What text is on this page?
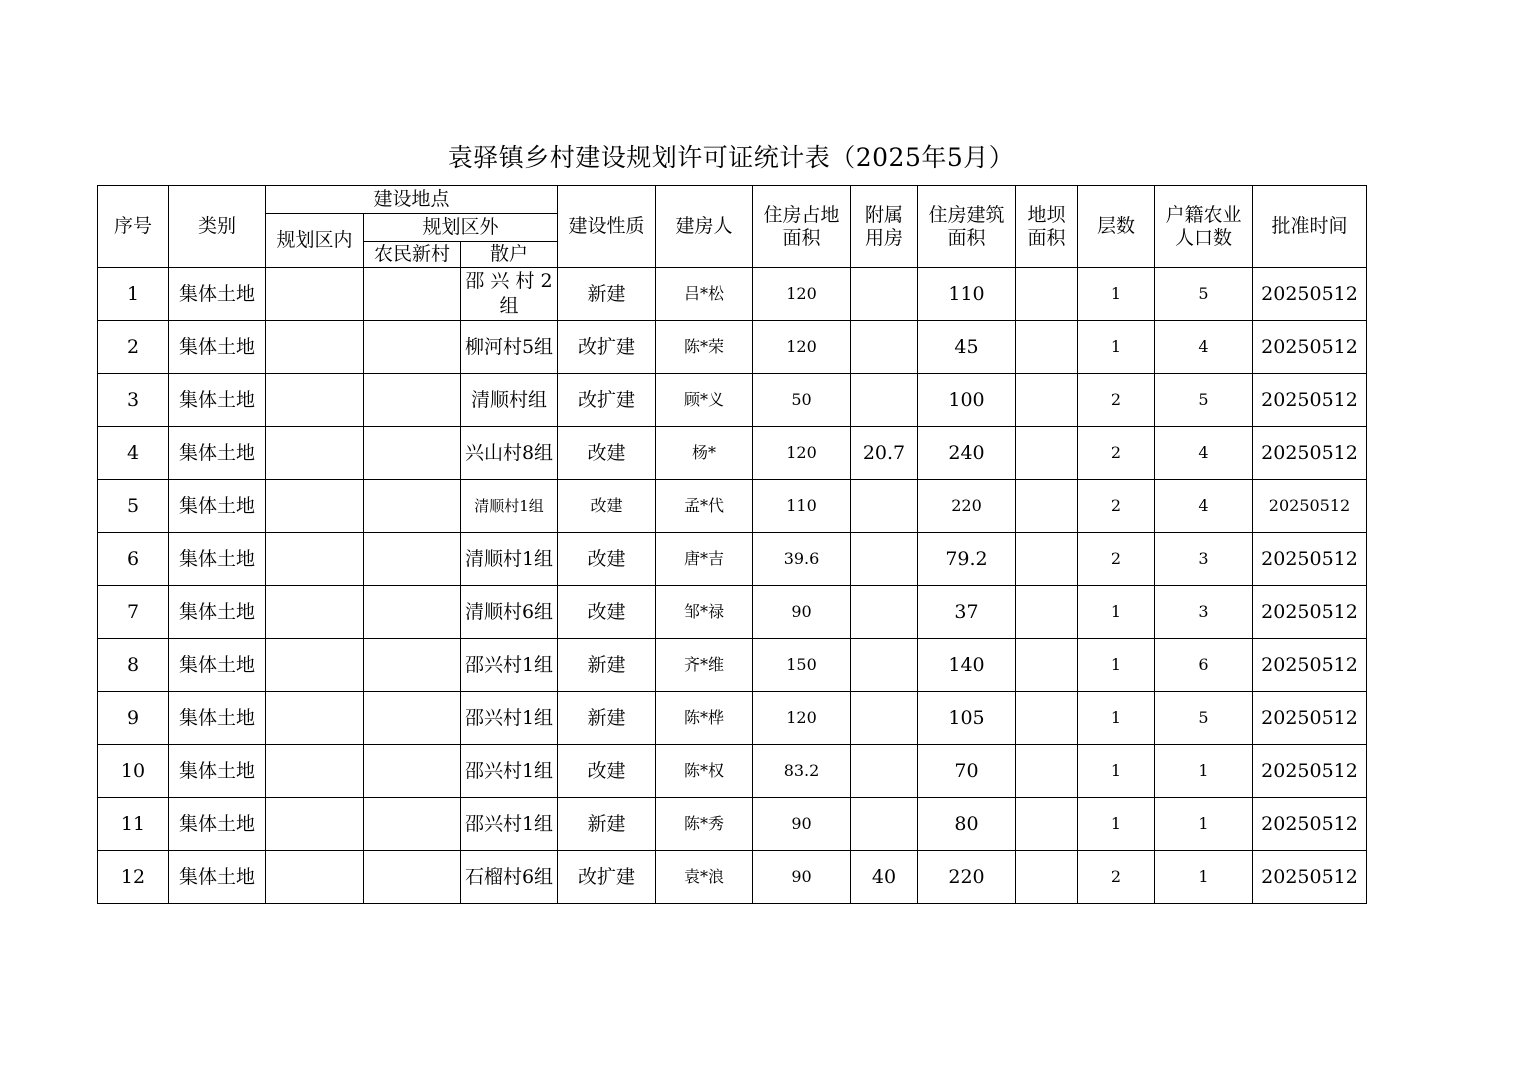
袁驿镇乡村建设规划许可证统计表（2025年5月）
序号	类别	建设地点			建设性质	建房人	住房占地面积	附属用房	住房建筑面积	地坝面积	层数	户籍农业人口数	批准时间
		规划区内	规划区外										
			农民新村	散户									
1	集体土地			邵 兴 村 2组	新建	吕*松	120		110		1	5	20250512
2	集体土地			柳河村5组	改扩建	陈*荣	120		45		1	4	20250512
3	集体土地			清顺村组	改扩建	顾*义	50		100		2	5	20250512
4	集体土地			兴山村8组	改建	杨*	120	20.7	240		2	4	20250512
5	集体土地			清顺村1组	改建	孟*代	110		220		2	4	20250512
6	集体土地			清顺村1组	改建	唐*吉	39.6		79.2		2	3	20250512
7	集体土地			清顺村6组	改建	邹*禄	90		37		1	3	20250512
8	集体土地			邵兴村1组	新建	齐*维	150		140		1	6	20250512
9	集体土地			邵兴村1组	新建	陈*桦	120		105		1	5	20250512
10	集体土地			邵兴村1组	改建	陈*权	83.2		70		1	1	20250512
11	集体土地			邵兴村1组	新建	陈*秀	90		80		1	1	20250512
12	集体土地			石榴村6组	改扩建	袁*浪	90	40	220		2	1	20250512
